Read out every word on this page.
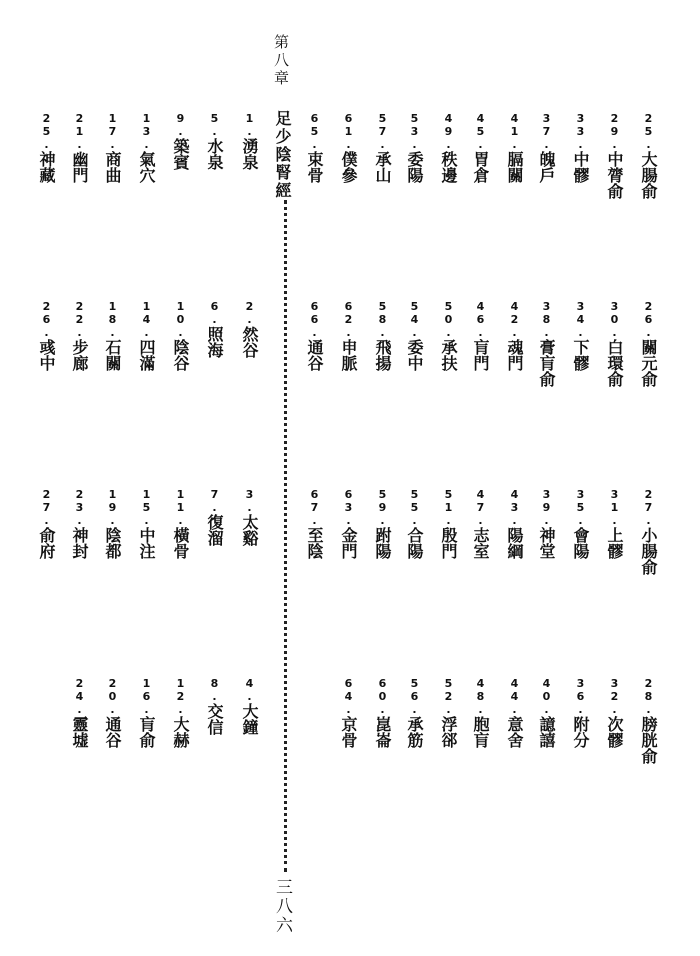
第八章
足少陰腎經
三八六
25.大腸俞
26.關元俞
27.小腸俞
28.膀胱俞
29.中膂俞
30.白環俞
31.上髎
32.次髎
33.中髎
34.下髎
35.會陽
36.附分
37.魄戶
38.膏肓俞
39.神堂
40.譩譆
41.膈關
42.魂門
43.陽綱
44.意舍
45.胃倉
46.肓門
47.志室
48.胞肓
49.秩邊
50.承扶
51.殷門
52.浮郤
53.委陽
54.委中
55.合陽
56.承筋
57.承山
58.飛揚
59.跗陽
60.崑崙
61.僕參
62.申脈
63.金門
64.京骨
65.束骨
66.通谷
67.至陰
1.湧泉
2.然谷
3.太谿
4.大鐘
5.水泉
6.照海
7.復溜
8.交信
9.築賓
10.陰谷
11.橫骨
12.大赫
13.氣穴
14.四滿
15.中注
16.肓俞
17.商曲
18.石關
19.陰都
20.通谷
21.幽門
22.步廊
23.神封
24.靈墟
25.神藏
26.彧中
27.俞府
